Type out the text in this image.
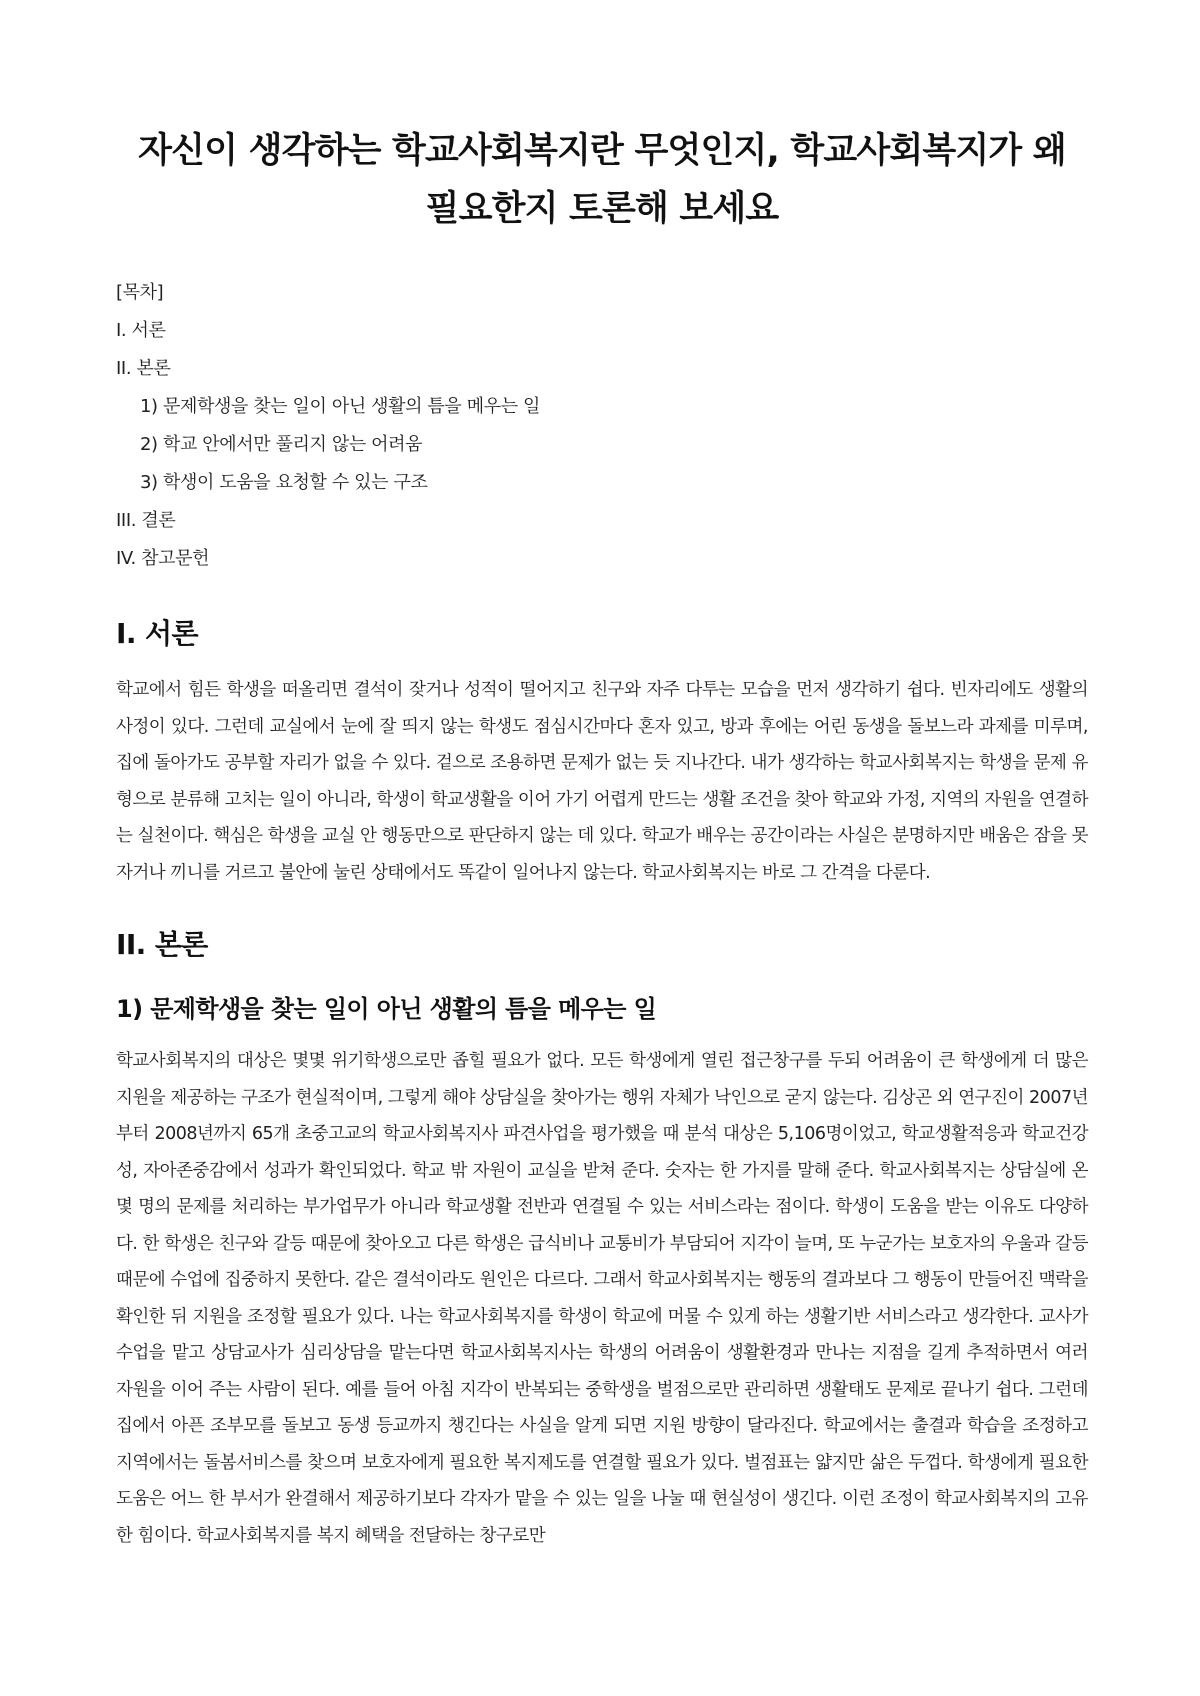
자신이 생각하는 학교사회복지란 무엇인지, 학교사회복지가 왜 필요한지 토론해 보세요
[목차]
I. 서론
II. 본론
1) 문제학생을 찾는 일이 아닌 생활의 틈을 메우는 일
2) 학교 안에서만 풀리지 않는 어려움
3) 학생이 도움을 요청할 수 있는 구조
III. 결론
IV. 참고문헌
I. 서론

학교에서 힘든 학생을 떠올리면 결석이 잦거나 성적이 떨어지고 친구와 자주 다투는 모습을 먼저 생각하기 쉽다. 빈자리에도 생활의 사정이 있다. 그런데 교실에서 눈에 잘 띄지 않는 학생도 점심시간마다 혼자 있고, 방과 후에는 어린 동생을 돌보느라 과제를 미루며, 집에 돌아가도 공부할 자리가 없을 수 있다. 겉으로 조용하면 문제가 없는 듯 지나간다. 내가 생각하는 학교사회복지는 학생을 문제 유형으로 분류해 고치는 일이 아니라, 학생이 학교생활을 이어 가기 어렵게 만드는 생활 조건을 찾아 학교와 가정, 지역의 자원을 연결하는 실천이다. 핵심은 학생을 교실 안 행동만으로 판단하지 않는 데 있다. 학교가 배우는 공간이라는 사실은 분명하지만 배움은 잠을 못 자거나 끼니를 거르고 불안에 눌린 상태에서도 똑같이 일어나지 않는다. 학교사회복지는 바로 그 간격을 다룬다.

II. 본론
1) 문제학생을 찾는 일이 아닌 생활의 틈을 메우는 일

학교사회복지의 대상은 몇몇 위기학생으로만 좁힐 필요가 없다. 모든 학생에게 열린 접근창구를 두되 어려움이 큰 학생에게 더 많은 지원을 제공하는 구조가 현실적이며, 그렇게 해야 상담실을 찾아가는 행위 자체가 낙인으로 굳지 않는다. 김상곤 외 연구진이 2007년부터 2008년까지 65개 초중고교의 학교사회복지사 파견사업을 평가했을 때 분석 대상은 5,106명이었고, 학교생활적응과 학교건강성, 자아존중감에서 성과가 확인되었다. 학교 밖 자원이 교실을 받쳐 준다. 숫자는 한 가지를 말해 준다. 학교사회복지는 상담실에 온 몇 명의 문제를 처리하는 부가업무가 아니라 학교생활 전반과 연결될 수 있는 서비스라는 점이다. 학생이 도움을 받는 이유도 다양하다. 한 학생은 친구와 갈등 때문에 찾아오고 다른 학생은 급식비나 교통비가 부담되어 지각이 늘며, 또 누군가는 보호자의 우울과 갈등 때문에 수업에 집중하지 못한다. 같은 결석이라도 원인은 다르다. 그래서 학교사회복지는 행동의 결과보다 그 행동이 만들어진 맥락을 확인한 뒤 지원을 조정할 필요가 있다. 나는 학교사회복지를 학생이 학교에 머물 수 있게 하는 생활기반 서비스라고 생각한다. 교사가 수업을 맡고 상담교사가 심리상담을 맡는다면 학교사회복지사는 학생의 어려움이 생활환경과 만나는 지점을 길게 추적하면서 여러 자원을 이어 주는 사람이 된다. 예를 들어 아침 지각이 반복되는 중학생을 벌점으로만 관리하면 생활태도 문제로 끝나기 쉽다. 그런데 집에서 아픈 조부모를 돌보고 동생 등교까지 챙긴다는 사실을 알게 되면 지원 방향이 달라진다. 학교에서는 출결과 학습을 조정하고 지역에서는 돌봄서비스를 찾으며 보호자에게 필요한 복지제도를 연결할 필요가 있다. 벌점표는 얇지만 삶은 두껍다. 학생에게 필요한 도움은 어느 한 부서가 완결해서 제공하기보다 각자가 맡을 수 있는 일을 나눌 때 현실성이 생긴다. 이런 조정이 학교사회복지의 고유한 힘이다. 학교사회복지를 복지 혜택을 전달하는 창구로만
